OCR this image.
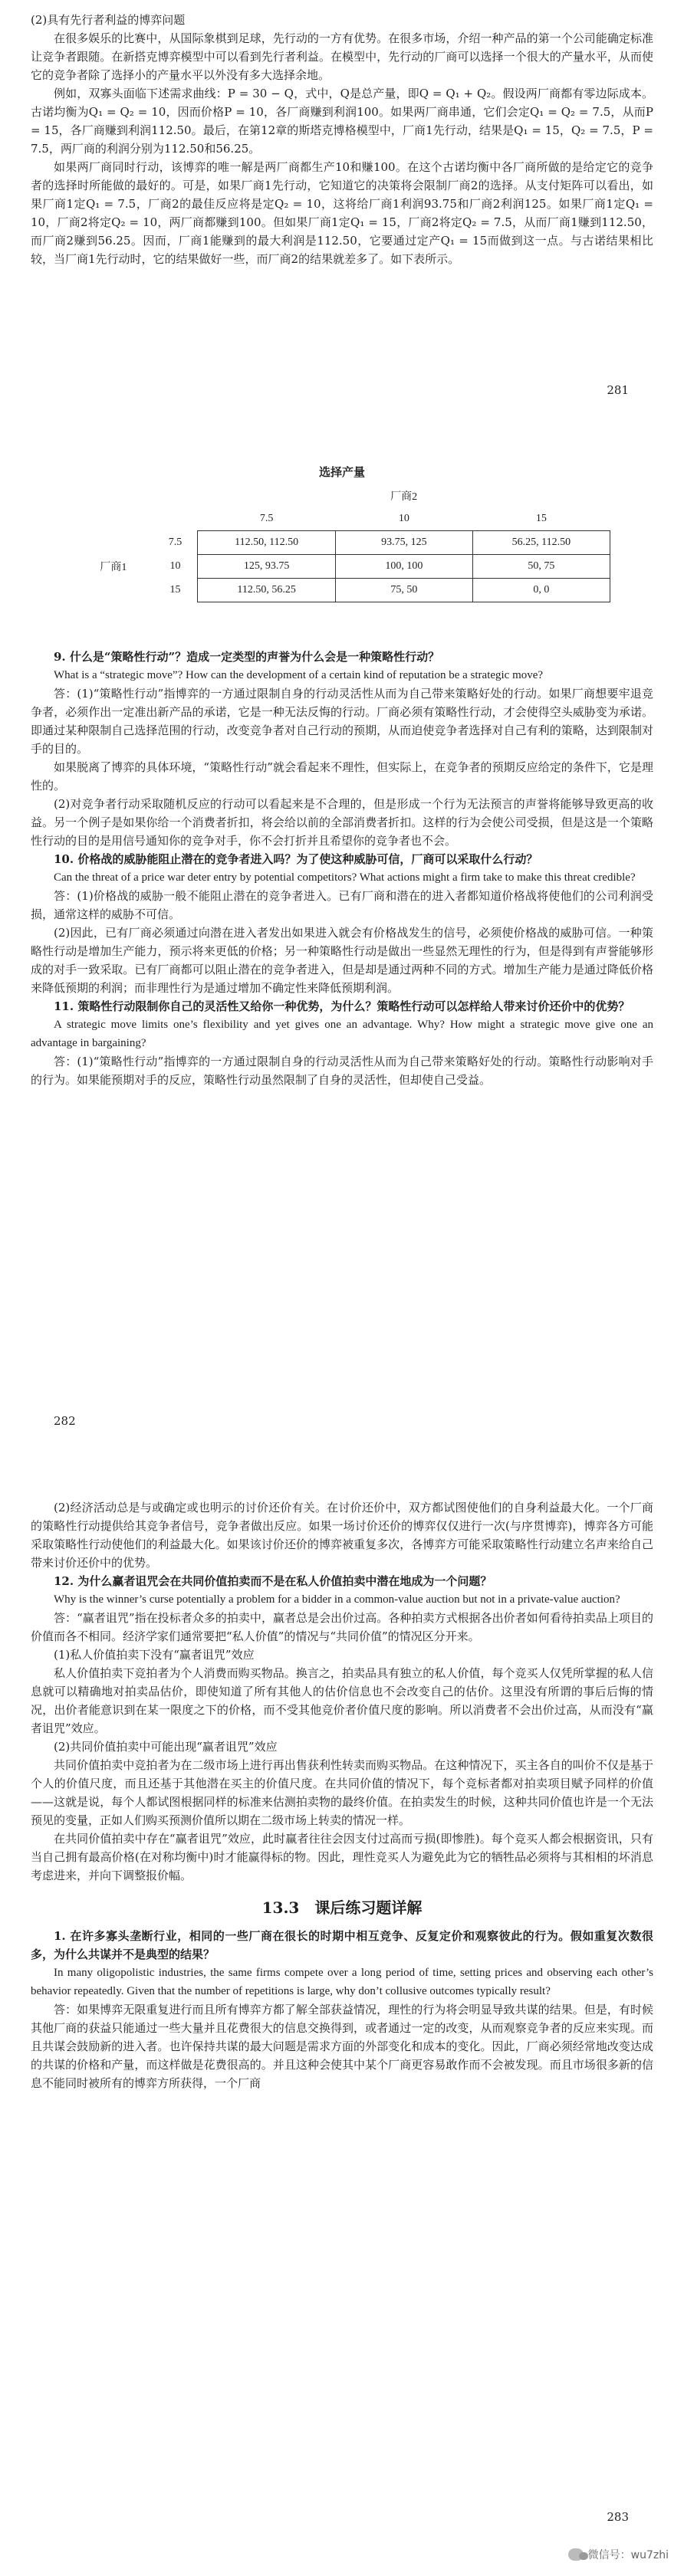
(2)具有先行者利益的博弈问题

在很多娱乐的比赛中，从国际象棋到足球，先行动的一方有优势。在很多市场，介绍一种产品的第一个公司能确定标准让竞争者跟随。在新搭克博弈模型中可以看到先行者利益。在模型中，先行动的厂商可以选择一个很大的产量水平，从而使它的竞争者除了选择小的产量水平以外没有多大选择余地。

例如，双寡头面临下述需求曲线：P = 30 − Q，式中，Q是总产量，即Q = Q₁ + Q₂。假设两厂商都有零边际成本。古诺均衡为Q₁ = Q₂ = 10，因而价格P = 10，各厂商赚到利润100。如果两厂商串通，它们会定Q₁ = Q₂ = 7.5，从而P = 15，各厂商赚到利润112.50。最后，在第12章的斯塔克博格模型中，厂商1先行动，结果是Q₁ = 15，Q₂ = 7.5，P = 7.5，两厂商的利润分别为112.50和56.25。

如果两厂商同时行动，该博弈的唯一解是两厂商都生产10和赚100。在这个古诺均衡中各厂商所做的是给定它的竞争者的选择时所能做的最好的。可是，如果厂商1先行动，它知道它的决策将会限制厂商2的选择。从支付矩阵可以看出，如果厂商1定Q₁ = 7.5，厂商2的最佳反应将是定Q₂ = 10，这将给厂商1利润93.75和厂商2利润125。如果厂商1定Q₁ = 10，厂商2将定Q₂ = 10，两厂商都赚到100。但如果厂商1定Q₁ = 15，厂商2将定Q₂ = 7.5，从而厂商1赚到112.50，而厂商2赚到56.25。因而，厂商1能赚到的最大利润是112.50，它要通过定产Q₁ = 15而做到这一点。与古诺结果相比较，当厂商1先行动时，它的结果做好一些，而厂商2的结果就差多了。如下表所示。

281
选择产量
		厂商2		
		7.5	10	15
厂商1	7.5	112.50, 112.50	93.75, 125	56.25, 112.50
	10	125, 93.75	100, 100	50, 75
	15	112.50, 56.25	75, 50	0, 0

9. 什么是“策略性行动”？造成一定类型的声誉为什么会是一种策略性行动？

What is a “strategic move”? How can the development of a certain kind of reputation be a strategic move?

答：(1)“策略性行动”指博弈的一方通过限制自身的行动灵活性从而为自己带来策略好处的行动。如果厂商想要牢退竞争者，必须作出一定准出新产品的承诺，它是一种无法反悔的行动。厂商必须有策略性行动，才会使得空头威胁变为承诺。即通过某种限制自己选择范围的行动，改变竞争者对自己行动的预期，从而迫使竞争者选择对自己有利的策略，达到限制对手的目的。

如果脱离了博弈的具体环境，“策略性行动”就会看起来不理性，但实际上，在竞争者的预期反应给定的条件下，它是理性的。

(2)对竞争者行动采取随机反应的行动可以看起来是不合理的，但是形成一个行为无法预言的声誉将能够导致更高的收益。另一个例子是如果你给一个消费者折扣，将会给以前的全部消费者折扣。这样的行为会使公司受损，但是这是一个策略性行动的目的是用信号通知你的竞争对手，你不会打折并且希望你的竞争者也不会。

10. 价格战的威胁能阻止潜在的竞争者进入吗？为了使这种威胁可信，厂商可以采取什么行动？

Can the threat of a price war deter entry by potential competitors? What actions might a firm take to make this threat credible?

答：(1)价格战的威胁一般不能阻止潜在的竞争者进入。已有厂商和潜在的进入者都知道价格战将使他们的公司利润受损，通常这样的威胁不可信。

(2)因此，已有厂商必须通过向潜在进入者发出如果进入就会有价格战发生的信号，必须使价格战的威胁可信。一种策略性行动是增加生产能力，预示将来更低的价格；另一种策略性行动是做出一些显然无理性的行为，但是得到有声誉能够形成的对手一致采取。已有厂商都可以阻止潜在的竞争者进入，但是却是通过两种不同的方式。增加生产能力是通过降低价格来降低预期的利润；而非理性行为是通过增加不确定性来降低预期利润。

11. 策略性行动限制你自己的灵活性又给你一种优势，为什么？策略性行动可以怎样给人带来讨价还价中的优势？

A strategic move limits one’s flexibility and yet gives one an advantage. Why? How might a strategic move give one an advantage in bargaining?

答：(1)“策略性行动”指博弈的一方通过限制自身的行动灵活性从而为自己带来策略好处的行动。策略性行动影响对手的行为。如果能预期对手的反应，策略性行动虽然限制了自身的灵活性，但却使自己受益。

282

(2)经济活动总是与或确定或也明示的讨价还价有关。在讨价还价中，双方都试图使他们的自身利益最大化。一个厂商的策略性行动提供给其竞争者信号，竞争者做出反应。如果一场讨价还价的博弈仅仅进行一次(与序贯博弈)，博弈各方可能采取策略性行动使他们的利益最大化。如果该讨价还价的博弈被重复多次，各博弈方可能采取策略性行动建立名声来给自己带来讨价还价中的优势。

12. 为什么赢者诅咒会在共同价值拍卖而不是在私人价值拍卖中潜在地成为一个问题？

Why is the winner’s curse potentially a problem for a bidder in a common-value auction but not in a private-value auction?

答：“赢者诅咒”指在投标者众多的拍卖中，赢者总是会出价过高。各种拍卖方式根据各出价者如何看待拍卖品上项目的价值而各不相同。经济学家们通常要把“私人价值”的情况与“共同价值”的情况区分开来。

(1)私人价值拍卖下没有“赢者诅咒”效应

私人价值拍卖下竞拍者为个人消费而购买物品。换言之，拍卖品具有独立的私人价值，每个竞买人仅凭所掌握的私人信息就可以精确地对拍卖品估价，即使知道了所有其他人的估价信息也不会改变自己的估价。这里没有所谓的事后后悔的情况，出价者能意识到在某一限度之下的价格，而不受其他竞价者价值尺度的影响。所以消费者不会出价过高，从而没有“赢者诅咒”效应。

(2)共同价值拍卖中可能出现“赢者诅咒”效应

共同价值拍卖中竞拍者为在二级市场上进行再出售获利性转卖而购买物品。在这种情况下，买主各自的叫价不仅是基于个人的价值尺度，而且还基于其他潜在买主的价值尺度。在共同价值的情况下，每个竞标者都对拍卖项目赋予同样的价值——这就是说，每个人都试图根据同样的标准来估测拍卖物的最终价值。在拍卖发生的时候，这种共同价值也许是一个无法预见的变量，正如人们购买预测价值所以期在二级市场上转卖的情况一样。

在共同价值拍卖中存在“赢者诅咒”效应，此时赢者往往会因支付过高而亏损(即惨胜)。每个竞买人都会根据资讯，只有当自己拥有最高价格(在对称均衡中)时才能赢得标的物。因此，理性竞买人为避免此为它的牺牲品必须将与其相相的坏消息考虑进来，并向下调整报价幅。

13.3　课后练习题详解

1. 在许多寡头垄断行业，相同的一些厂商在很长的时期中相互竞争、反复定价和观察彼此的行为。假如重复次数很多，为什么共谋并不是典型的结果？

In many oligopolistic industries, the same firms compete over a long period of time, setting prices and observing each other’s behavior repeatedly. Given that the number of repetitions is large, why don’t collusive outcomes typically result?

答：如果博弈无限重复进行而且所有博弈方都了解全部获益情况，理性的行为将会明显导致共谋的结果。但是，有时候其他厂商的获益只能通过一些大量并且花费很大的信息交换得到，或者通过一定的改变，从而观察竞争者的反应来实现。而且共谋会鼓励新的进入者。也许保持共谋的最大问题是需求方面的外部变化和成本的变化。因此，厂商必须经常地改变达成的共谋的价格和产量，而这样做是花费很高的。并且这种会使其中某个厂商更容易敢作而不会被发现。而且市场很多新的信息不能同时被所有的博弈方所获得，一个厂商

283
微信号：wu7zhi
